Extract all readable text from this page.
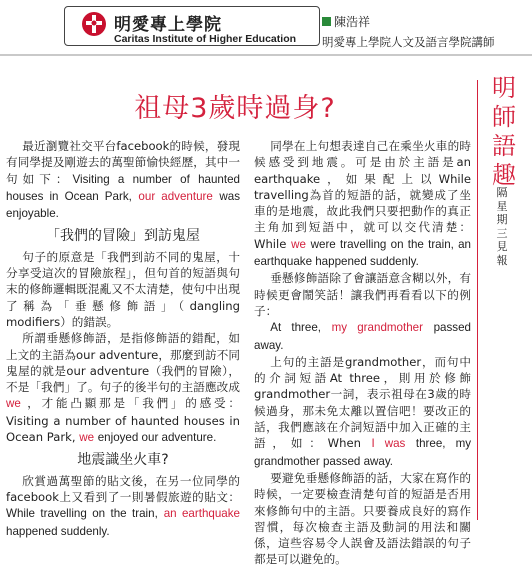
明愛專上學院
Caritas Institute of Higher Education
陳浩祥
明愛專上學院人文及語言學院講師
祖母3歲時過身?

最近瀏覽社交平台facebook的時候，發現有同學提及剛遊去的萬聖節愉快經歷，其中一句如下：Visiting a number of haunted houses in Ocean Park, our adventure was enjoyable.

「我們的冒險」到訪鬼屋

句子的原意是「我們到訪不同的鬼屋，十分享受這次的冒險旅程」，但句首的短語與句末的修飾邏輯既混亂又不太清楚，使句中出現了稱為「垂懸修飾語」（dangling modifiers）的錯誤。

所謂垂懸修飾語，是指修飾語的錯配，如上文的主語為our adventure，那麼到訪不同鬼屋的就是our adventure（我們的冒險），不是「我們」了。句子的後半句的主語應改成 we ，才能凸顯那是「我們」的感受：Visiting a number of haunted houses in Ocean Park, we enjoyed our adventure.

地震識坐火車?

欣賞過萬聖節的貼文後，在另一位同學的facebook上又看到了一則暑假旅遊的貼文：While travelling on the train, an earthquake happened suddenly.

同學在上句想表達自己在乘坐火車的時候感受到地震。可是由於主語是an earthquake，如果配上以While travelling為首的短語的話，就變成了坐車的是地震，故此我們只要把動作的真正主角加到短語中，就可以交代清楚：While we were travelling on the train, an earthquake happened suddenly.

垂懸修飾語除了會讓語意含糊以外，有時候更會鬧笑話！讓我們再看看以下的例子：

At three, my grandmother passed away.

上句的主語是grandmother，而句中的介詞短語At three，則用於修飾grandmother一詞，表示祖母在3歲的時候過身，那未免太離以置信吧！要改正的話，我們應該在介詞短語中加入正確的主語，如：When I was three, my grandmother passed away.

要避免垂懸修飾語的話，大家在寫作的時候，一定要檢查清楚句首的短語是否用來修飾句中的主語。只要養成良好的寫作習慣，每次檢查主語及動詞的用法和關係，這些容易令人誤會及語法錯誤的句子都是可以避免的。

明
師
語
趣
隔
星
期
三
見
報
